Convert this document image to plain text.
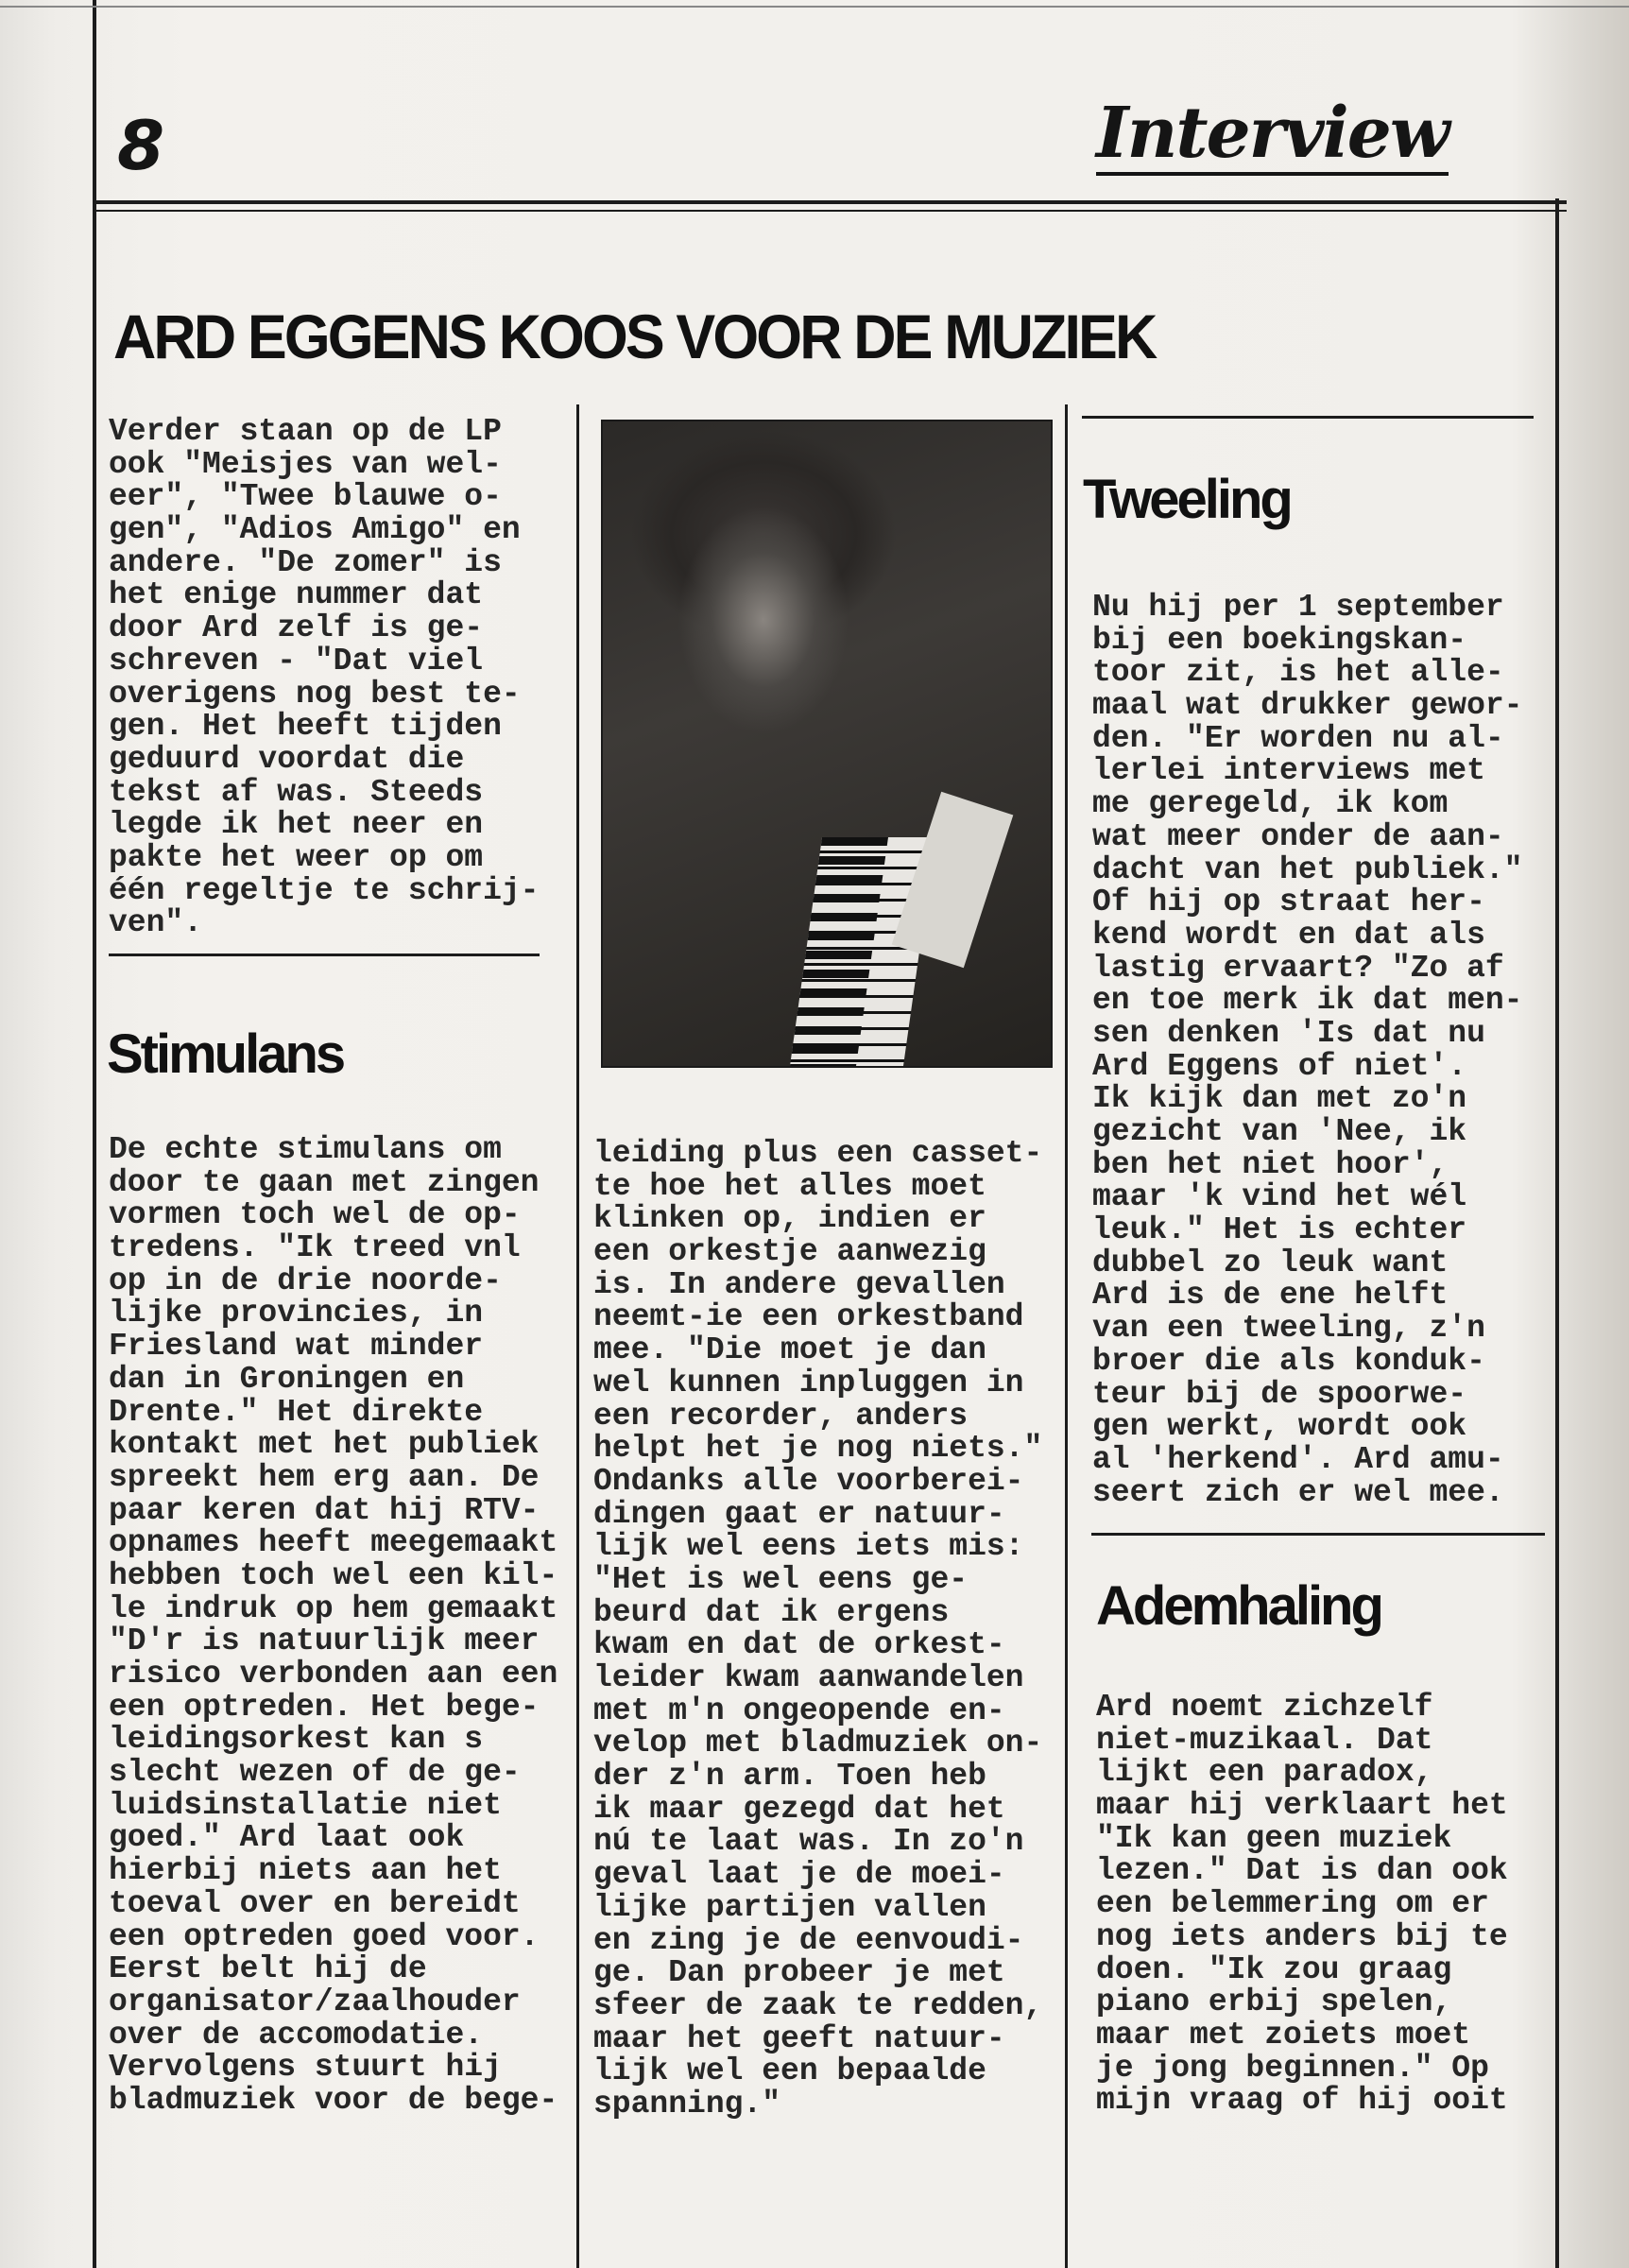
8	Interview
ARD EGGENS KOOS VOOR DE MUZIEK
Verder staan op de LP
ook "Meisjes van wel-
eer", "Twee blauwe o-
gen", "Adios Amigo" en
andere. "De zomer" is
het enige nummer dat
door Ard zelf is ge-
schreven - "Dat viel
overigens nog best te-
gen. Het heeft tijden
geduurd voordat die
tekst af was. Steeds
legde ik het neer en
pakte het weer op om
één regeltje te schrij-
ven".
Stimulans
De echte stimulans om
door te gaan met zingen
vormen toch wel de op-
tredens. "Ik treed vnl
op in de drie noorde-
lijke provincies, in
Friesland wat minder
dan in Groningen en
Drente." Het direkte
kontakt met het publiek
spreekt hem erg aan. De
paar keren dat hij RTV-
opnames heeft meegemaakt
hebben toch wel een kil-
le indruk op hem gemaakt
"D'r is natuurlijk meer
risico verbonden aan een
een optreden. Het bege-
leidingsorkest kan s
slecht wezen of de ge-
luidsinstallatie niet
goed." Ard laat ook
hierbij niets aan het
toeval over en bereidt
een optreden goed voor.
Eerst belt hij de
organisator/zaalhouder
over de accomodatie.
Vervolgens stuurt hij
bladmuziek voor de bege-
leiding plus een casset-
te hoe het alles moet
klinken op, indien er
een orkestje aanwezig
is. In andere gevallen
neemt-ie een orkestband
mee. "Die moet je dan
wel kunnen inpluggen in
een recorder, anders
helpt het je nog niets."
Ondanks alle voorberei-
dingen gaat er natuur-
lijk wel eens iets mis:
"Het is wel eens ge-
beurd dat ik ergens
kwam en dat de orkest-
leider kwam aanwandelen
met m'n ongeopende en-
velop met bladmuziek on-
der z'n arm. Toen heb
ik maar gezegd dat het
nú te laat was. In zo'n
geval laat je de moei-
lijke partijen vallen
en zing je de eenvoudi-
ge. Dan probeer je met
sfeer de zaak te redden,
maar het geeft natuur-
lijk wel een bepaalde
spanning."
Tweeling
Nu hij per 1 september
bij een boekingskan-
toor zit, is het alle-
maal wat drukker gewor-
den. "Er worden nu al-
lerlei interviews met
me geregeld, ik kom
wat meer onder de aan-
dacht van het publiek."
Of hij op straat her-
kend wordt en dat als
lastig ervaart? "Zo af
en toe merk ik dat men-
sen denken 'Is dat nu
Ard Eggens of niet'.
Ik kijk dan met zo'n
gezicht van 'Nee, ik
ben het niet hoor',
maar 'k vind het wél
leuk." Het is echter
dubbel zo leuk want
Ard is de ene helft
van een tweeling, z'n
broer die als konduk-
teur bij de spoorwe-
gen werkt, wordt ook
al 'herkend'. Ard amu-
seert zich er wel mee.
Ademhaling
Ard noemt zichzelf
niet-muzikaal. Dat
lijkt een paradox,
maar hij verklaart het
"Ik kan geen muziek
lezen." Dat is dan ook
een belemmering om er
nog iets anders bij te
doen. "Ik zou graag
piano erbij spelen,
maar met zoiets moet
je jong beginnen." Op
mijn vraag of hij ooit
